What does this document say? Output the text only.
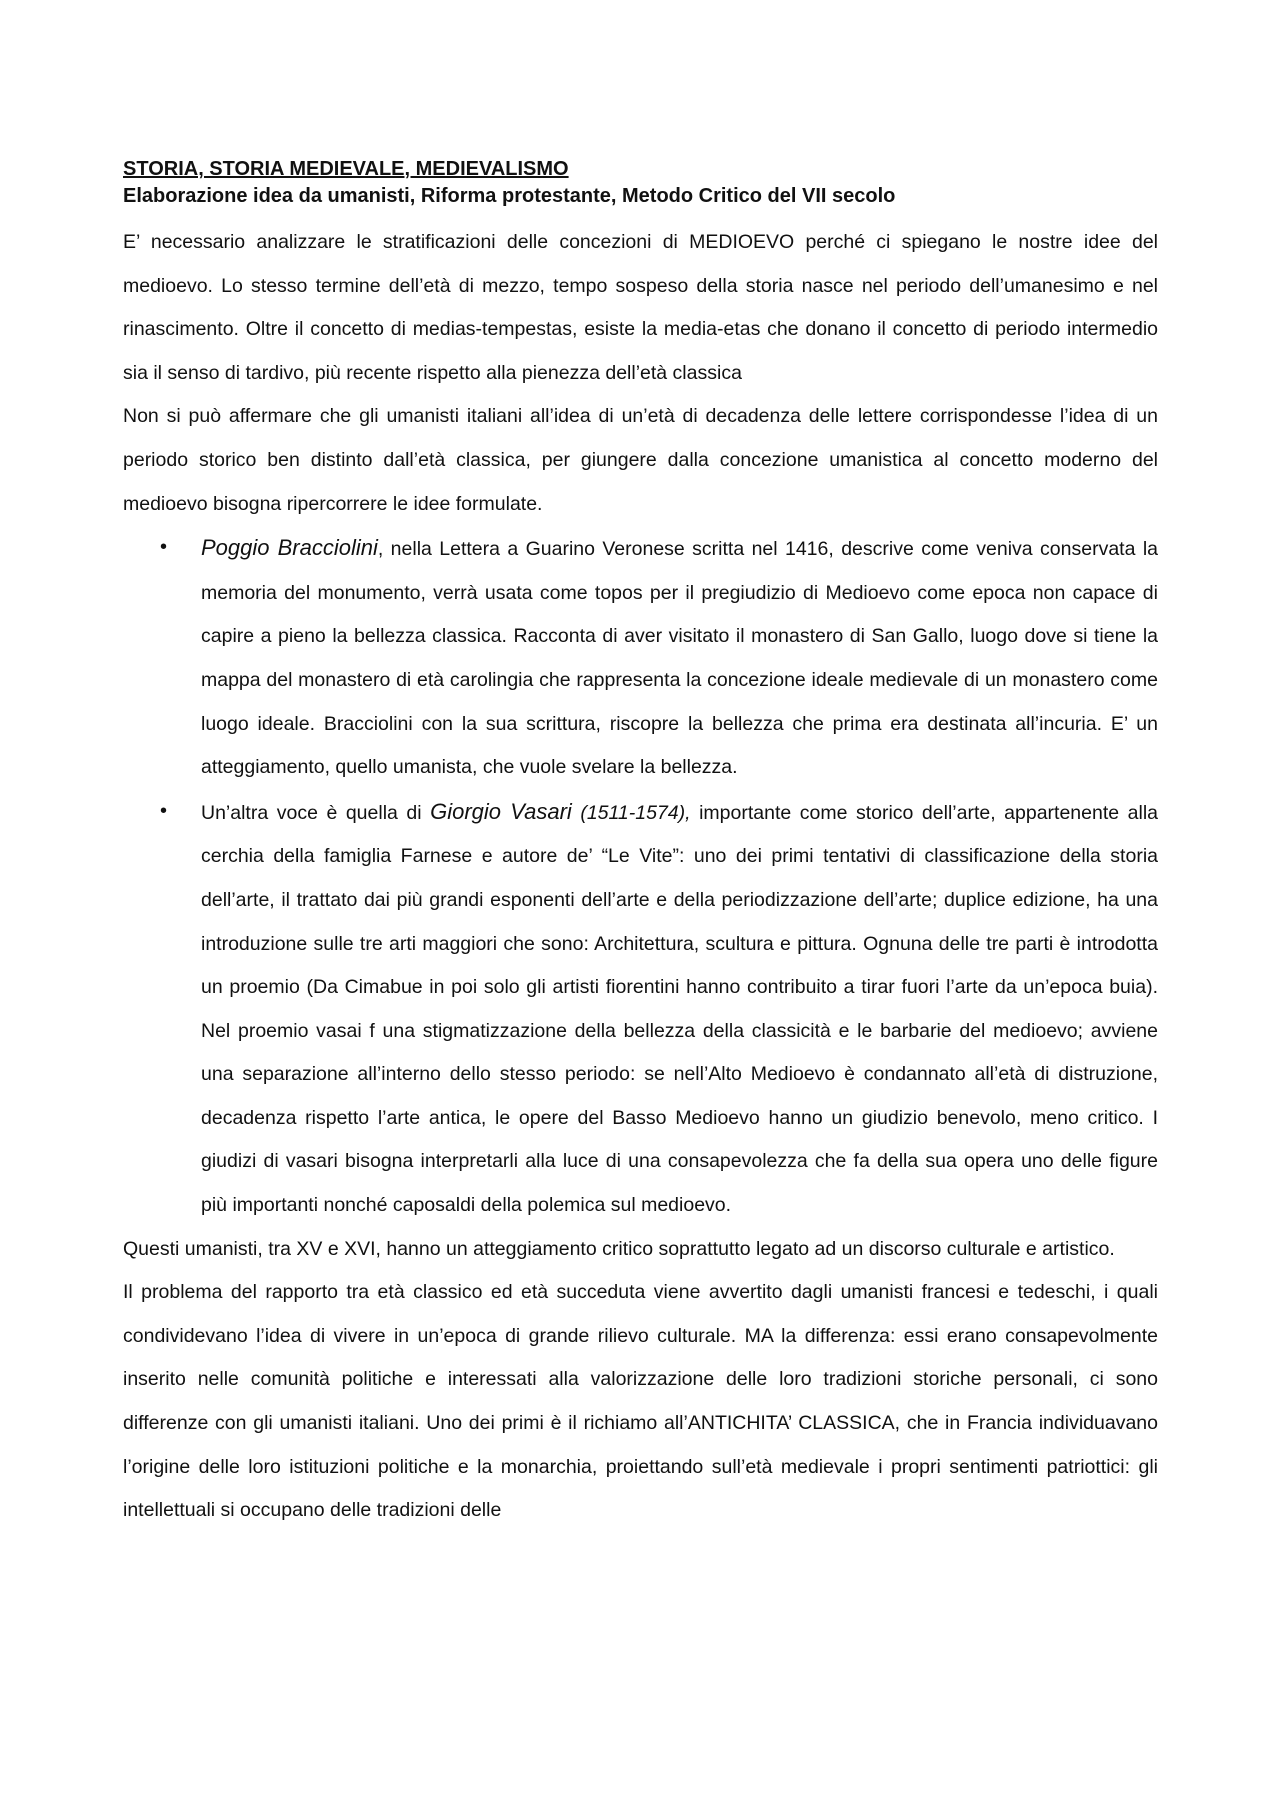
STORIA, STORIA MEDIEVALE, MEDIEVALISMO

Elaborazione idea da umanisti, Riforma protestante, Metodo Critico del VII secolo

E’ necessario analizzare le stratificazioni delle concezioni di MEDIOEVO perché ci spiegano le nostre idee del medioevo. Lo stesso termine dell’età di mezzo, tempo sospeso della storia nasce nel periodo dell’umanesimo e nel rinascimento. Oltre il concetto di medias-tempestas, esiste la media-etas che donano il concetto di periodo intermedio sia il senso di tardivo, più recente rispetto alla pienezza dell’età classica

Non si può affermare che gli umanisti italiani all’idea di un’età di decadenza delle lettere corrispondesse l’idea di un periodo storico ben distinto dall’età classica, per giungere dalla concezione umanistica al concetto moderno del medioevo bisogna ripercorrere le idee formulate.

• Poggio Bracciolini, nella Lettera a Guarino Veronese scritta nel 1416, descrive come veniva conservata la memoria del monumento, verrà usata come topos per il pregiudizio di Medioevo come epoca non capace di capire a pieno la bellezza classica. Racconta di aver visitato il monastero di San Gallo, luogo dove si tiene la mappa del monastero di età carolingia che rappresenta la concezione ideale medievale di un monastero come luogo ideale. Bracciolini con la sua scrittura, riscopre la bellezza che prima era destinata all’incuria. E’ un atteggiamento, quello umanista, che vuole svelare la bellezza.
• Un’altra voce è quella di Giorgio Vasari (1511-1574), importante come storico dell’arte, appartenente alla cerchia della famiglia Farnese e autore de’ “Le Vite”: uno dei primi tentativi di classificazione della storia dell’arte, il trattato dai più grandi esponenti dell’arte e della periodizzazione dell’arte; duplice edizione, ha una introduzione sulle tre arti maggiori che sono: Architettura, scultura e pittura. Ognuna delle tre parti è introdotta un proemio (Da Cimabue in poi solo gli artisti fiorentini hanno contribuito a tirar fuori l’arte da un’epoca buia). Nel proemio vasai f una stigmatizzazione della bellezza della classicità e le barbarie del medioevo; avviene una separazione all’interno dello stesso periodo: se nell’Alto Medioevo è condannato all’età di distruzione, decadenza rispetto l’arte antica, le opere del Basso Medioevo hanno un giudizio benevolo, meno critico. I giudizi di vasari bisogna interpretarli alla luce di una consapevolezza che fa della sua opera uno delle figure più importanti nonché caposaldi della polemica sul medioevo.

Questi umanisti, tra XV e XVI, hanno un atteggiamento critico soprattutto legato ad un discorso culturale e artistico.

Il problema del rapporto tra età classico ed età succeduta viene avvertito dagli umanisti francesi e tedeschi, i quali condividevano l’idea di vivere in un’epoca di grande rilievo culturale. MA la differenza: essi erano consapevolmente inserito nelle comunità politiche e interessati alla valorizzazione delle loro tradizioni storiche personali, ci sono differenze con gli umanisti italiani. Uno dei primi è il richiamo all’ANTICHITA’ CLASSICA, che in Francia individuavano l’origine delle loro istituzioni politiche e la monarchia, proiettando sull’età medievale i propri sentimenti patriottici: gli intellettuali si occupano delle tradizioni delle
